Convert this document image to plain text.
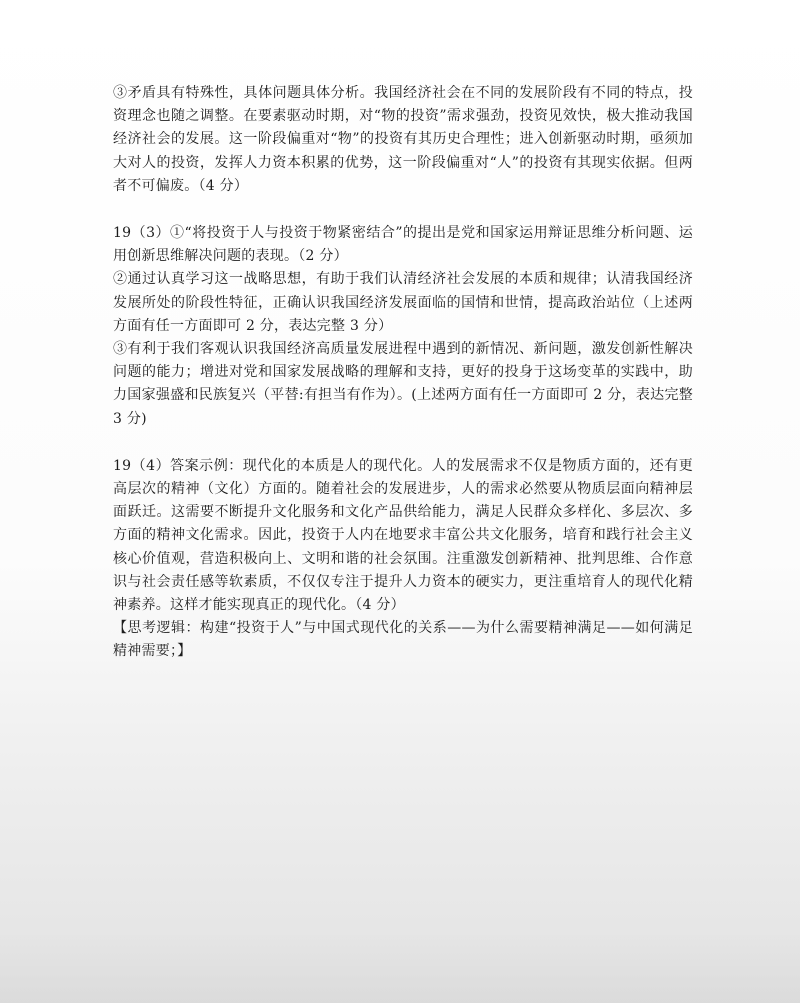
③矛盾具有特殊性，具体问题具体分析。我国经济社会在不同的发展阶段有不同的特点，投资理念也随之调整。在要素驱动时期，对“物的投资”需求强劲，投资见效快，极大推动我国经济社会的发展。这一阶段偏重对“物”的投资有其历史合理性；进入创新驱动时期，亟须加大对人的投资，发挥人力资本积累的优势，这一阶段偏重对“人”的投资有其现实依据。但两者不可偏废。（4 分）

19（3）①“将投资于人与投资于物紧密结合”的提出是党和国家运用辩证思维分析问题、运用创新思维解决问题的表现。（2 分）

②通过认真学习这一战略思想，有助于我们认清经济社会发展的本质和规律；认清我国经济发展所处的阶段性特征，正确认识我国经济发展面临的国情和世情，提高政治站位（上述两方面有任一方面即可 2 分，表达完整 3 分）

③有利于我们客观认识我国经济高质量发展进程中遇到的新情况、新问题，激发创新性解决问题的能力；增进对党和国家发展战略的理解和支持，更好的投身于这场变革的实践中，助力国家强盛和民族复兴（平替:有担当有作为）。(上述两方面有任一方面即可 2 分，表达完整 3 分)

19（4）答案示例：现代化的本质是人的现代化。人的发展需求不仅是物质方面的，还有更高层次的精神（文化）方面的。随着社会的发展进步，人的需求必然要从物质层面向精神层面跃迁。这需要不断提升文化服务和文化产品供给能力，满足人民群众多样化、多层次、多方面的精神文化需求。因此，投资于人内在地要求丰富公共文化服务，培育和践行社会主义核心价值观，营造积极向上、文明和谐的社会氛围。注重激发创新精神、批判思维、合作意识与社会责任感等软素质，不仅仅专注于提升人力资本的硬实力，更注重培育人的现代化精神素养。这样才能实现真正的现代化。（4 分）

【思考逻辑：构建“投资于人”与中国式现代化的关系——为什么需要精神满足——如何满足精神需要；】
